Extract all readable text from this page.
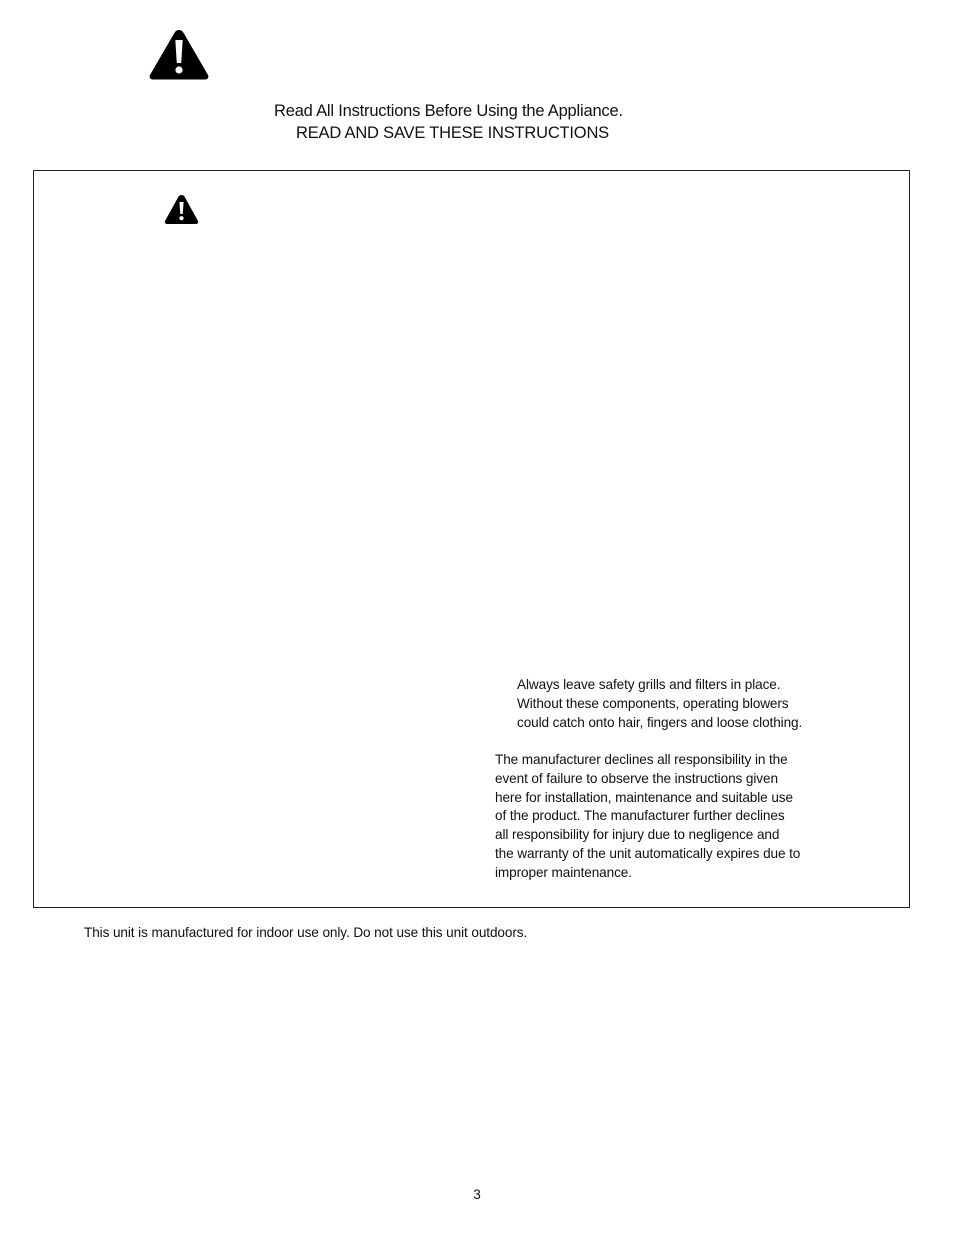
Read All Instructions Before Using the Appliance.
READ AND SAVE THESE INSTRUCTIONS
Always leave safety grills and filters in place.
Without these components, operating blowers
could catch onto hair, fingers and loose clothing.
The manufacturer declines all responsibility in the
event of failure to observe the instructions given
here for installation, maintenance and suitable use
of the product. The manufacturer further declines
all responsibility for injury due to negligence and
the warranty of the unit automatically expires due to
improper maintenance.
This unit is manufactured for indoor use only. Do not use this unit outdoors.
3
